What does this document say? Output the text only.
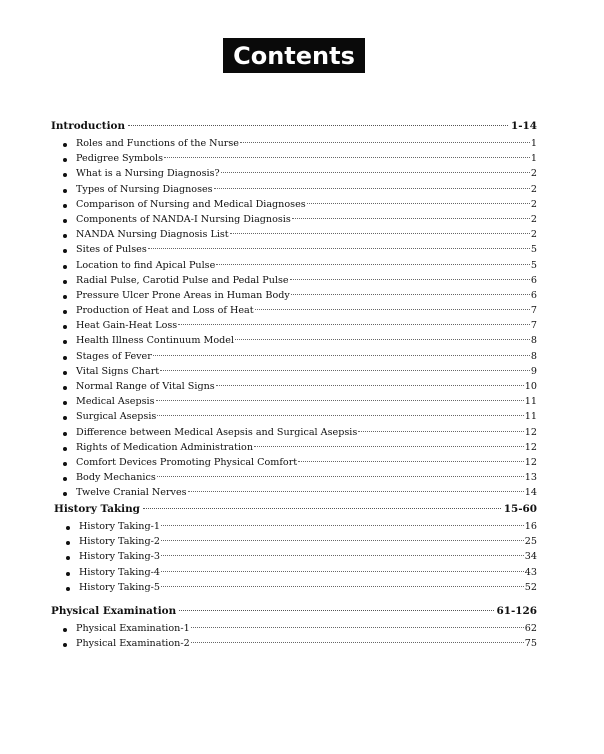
Contents
Introduction	1-14
Roles and Functions of the Nurse	1
Pedigree Symbols	1
What is a Nursing Diagnosis?	2
Types of Nursing Diagnoses	2
Comparison of Nursing and Medical Diagnoses	2
Components of NANDA-I Nursing Diagnosis	2
NANDA Nursing Diagnosis List	2
Sites of Pulses	5
Location to find Apical Pulse	5
Radial Pulse, Carotid Pulse and Pedal Pulse	6
Pressure Ulcer Prone Areas in Human Body	6
Production of Heat and Loss of Heat	7
Heat Gain-Heat Loss	7
Health Illness Continuum Model	8
Stages of Fever	8
Vital Signs Chart	9
Normal Range of Vital Signs	10
Medical Asepsis	11
Surgical Asepsis	11
Difference between Medical Asepsis and Surgical Asepsis	12
Rights of Medication Administration	12
Comfort Devices Promoting Physical Comfort	12
Body Mechanics	13
Twelve Cranial Nerves	14
History Taking	15-60
History Taking-1	16
History Taking-2	25
History Taking-3	34
History Taking-4	43
History Taking-5	52
Physical Examination	61-126
Physical Examination-1	62
Physical Examination-2	75
